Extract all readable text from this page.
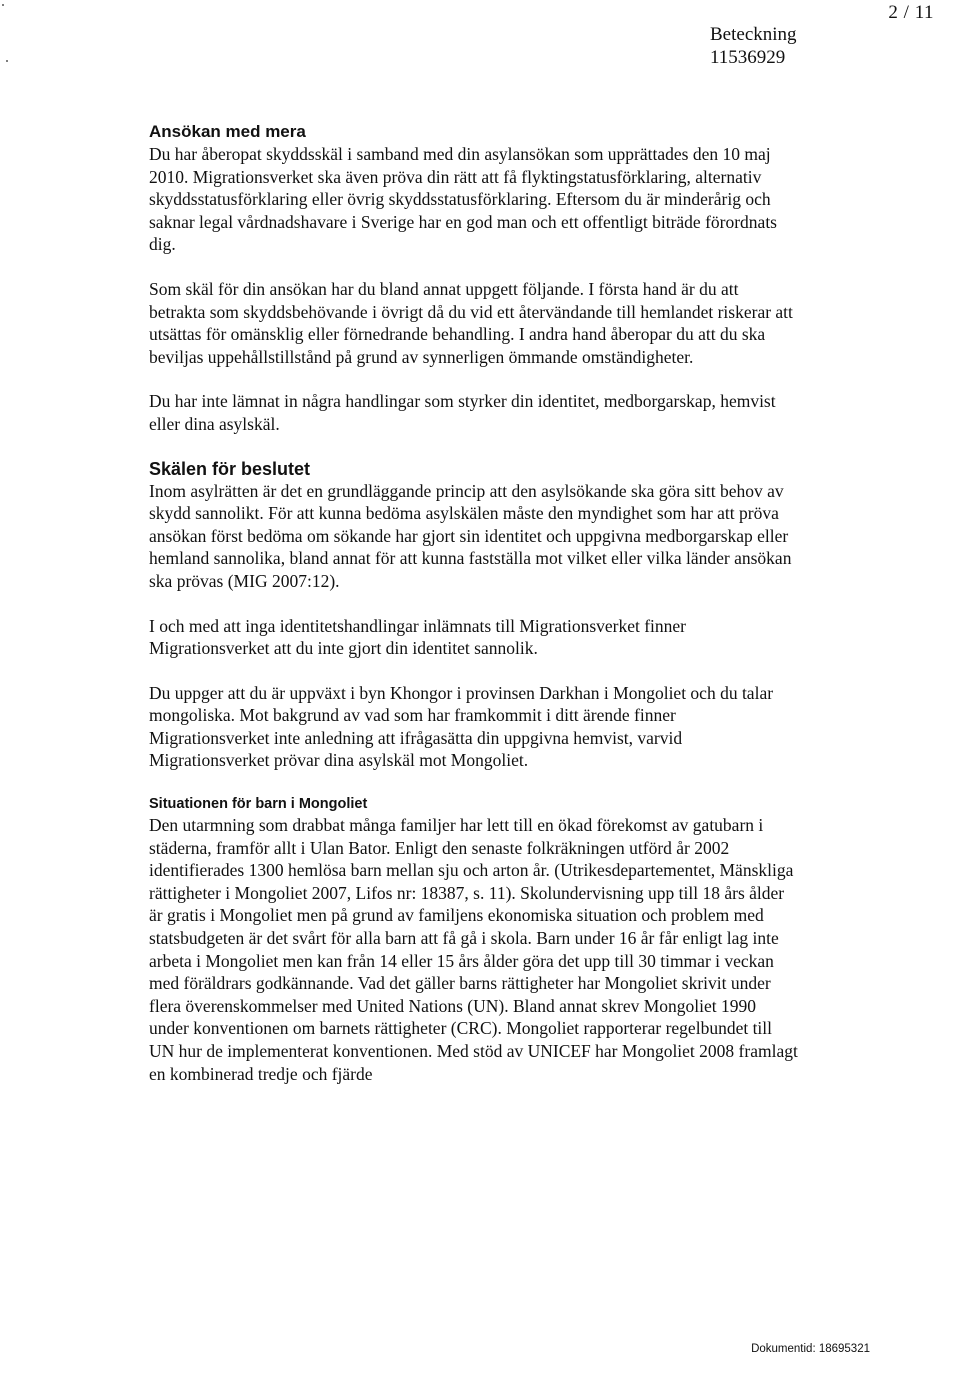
2 / 11
Beteckning
11536929
Ansökan med mera

Du har åberopat skyddsskäl i samband med din asylansökan som upprättades den 10 maj 2010. Migrationsverket ska även pröva din rätt att få flyktingstatusförklaring, alternativ skyddsstatusförklaring eller övrig skyddsstatusförklaring. Eftersom du är minderårig och saknar legal vårdnadshavare i Sverige har en god man och ett offentligt biträde förordnats dig.

Som skäl för din ansökan har du bland annat uppgett följande. I första hand är du att betrakta som skyddsbehövande i övrigt då du vid ett återvändande till hemlandet riskerar att utsättas för omänsklig eller förnedrande behandling. I andra hand åberopar du att du ska beviljas uppehållstillstånd på grund av synnerligen ömmande omständigheter.

Du har inte lämnat in några handlingar som styrker din identitet, medborgarskap, hemvist eller dina asylskäl.

Skälen för beslutet

Inom asylrätten är det en grundläggande princip att den asylsökande ska göra sitt behov av skydd sannolikt. För att kunna bedöma asylskälen måste den myndighet som har att pröva ansökan först bedöma om sökande har gjort sin identitet och uppgivna medborgarskap eller hemland sannolika, bland annat för att kunna fastställa mot vilket eller vilka länder ansökan ska prövas (MIG 2007:12).

I och med att inga identitetshandlingar inlämnats till Migrationsverket finner Migrationsverket att du inte gjort din identitet sannolik.

Du uppger att du är uppväxt i byn Khongor i provinsen Darkhan i Mongoliet och du talar mongoliska. Mot bakgrund av vad som har framkommit i ditt ärende finner Migrationsverket inte anledning att ifrågasätta din uppgivna hemvist, varvid Migrationsverket prövar dina asylskäl mot Mongoliet.

Situationen för barn i Mongoliet

Den utarmning som drabbat många familjer har lett till en ökad förekomst av gatubarn i städerna, framför allt i Ulan Bator. Enligt den senaste folkräkningen utförd år 2002 identifierades 1300 hemlösa barn mellan sju och arton år. (Utrikesdepartementet, Mänskliga rättigheter i Mongoliet 2007, Lifos nr: 18387, s. 11). Skolundervisning upp till 18 års ålder är gratis i Mongoliet men på grund av familjens ekonomiska situation och problem med statsbudgeten är det svårt för alla barn att få gå i skola. Barn under 16 år får enligt lag inte arbeta i Mongoliet men kan från 14 eller 15 års ålder göra det upp till 30 timmar i veckan med föräldrars godkännande. Vad det gäller barns rättigheter har Mongoliet skrivit under flera överenskommelser med United Nations (UN). Bland annat skrev Mongoliet 1990 under konventionen om barnets rättigheter (CRC). Mongoliet rapporterar regelbundet till UN hur de implementerat konventionen. Med stöd av UNICEF har Mongoliet 2008 framlagt en kombinerad tredje och fjärde

Dokumentid: 18695321
